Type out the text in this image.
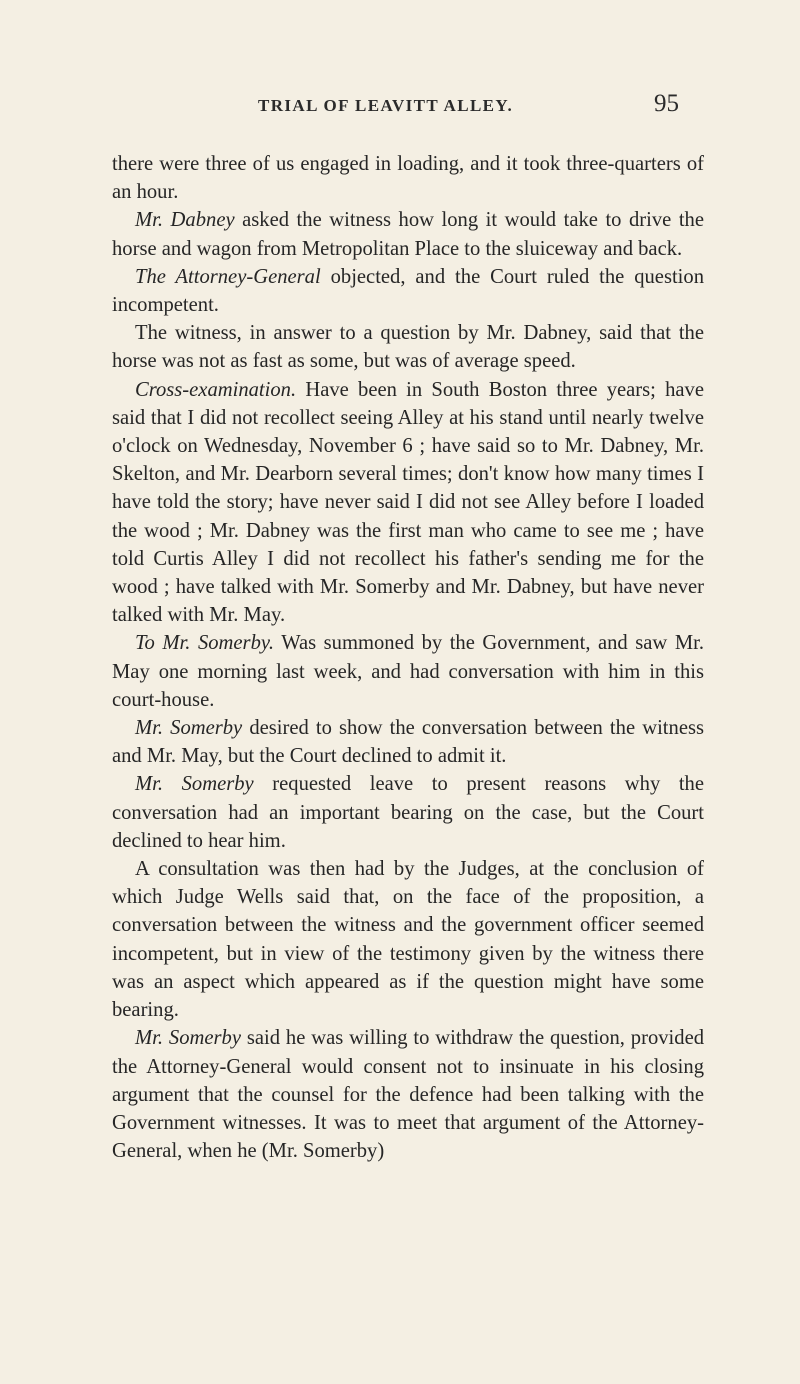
TRIAL OF LEAVITT ALLEY.	95

there were three of us engaged in loading, and it took three-quarters of an hour.

Mr. Dabney asked the witness how long it would take to drive the horse and wagon from Metropolitan Place to the sluiceway and back.

The Attorney-General objected, and the Court ruled the question incompetent.

The witness, in answer to a question by Mr. Dabney, said that the horse was not as fast as some, but was of average speed.

Cross-examination. Have been in South Boston three years; have said that I did not recollect seeing Alley at his stand until nearly twelve o'clock on Wednesday, November 6 ; have said so to Mr. Dabney, Mr. Skelton, and Mr. Dearborn several times; don't know how many times I have told the story; have never said I did not see Alley before I loaded the wood ; Mr. Dabney was the first man who came to see me ; have told Curtis Alley I did not recollect his father's sending me for the wood ; have talked with Mr. Somerby and Mr. Dabney, but have never talked with Mr. May.

To Mr. Somerby. Was summoned by the Government, and saw Mr. May one morning last week, and had conversation with him in this court-house.

Mr. Somerby desired to show the conversation between the witness and Mr. May, but the Court declined to admit it.

Mr. Somerby requested leave to present reasons why the conversation had an important bearing on the case, but the Court declined to hear him.

A consultation was then had by the Judges, at the conclusion of which Judge Wells said that, on the face of the proposition, a conversation between the witness and the government officer seemed incompetent, but in view of the testimony given by the witness there was an aspect which appeared as if the question might have some bearing.

Mr. Somerby said he was willing to withdraw the question, provided the Attorney-General would consent not to insinuate in his closing argument that the counsel for the defence had been talking with the Government witnesses. It was to meet that argument of the Attorney-General, when he (Mr. Somerby)
